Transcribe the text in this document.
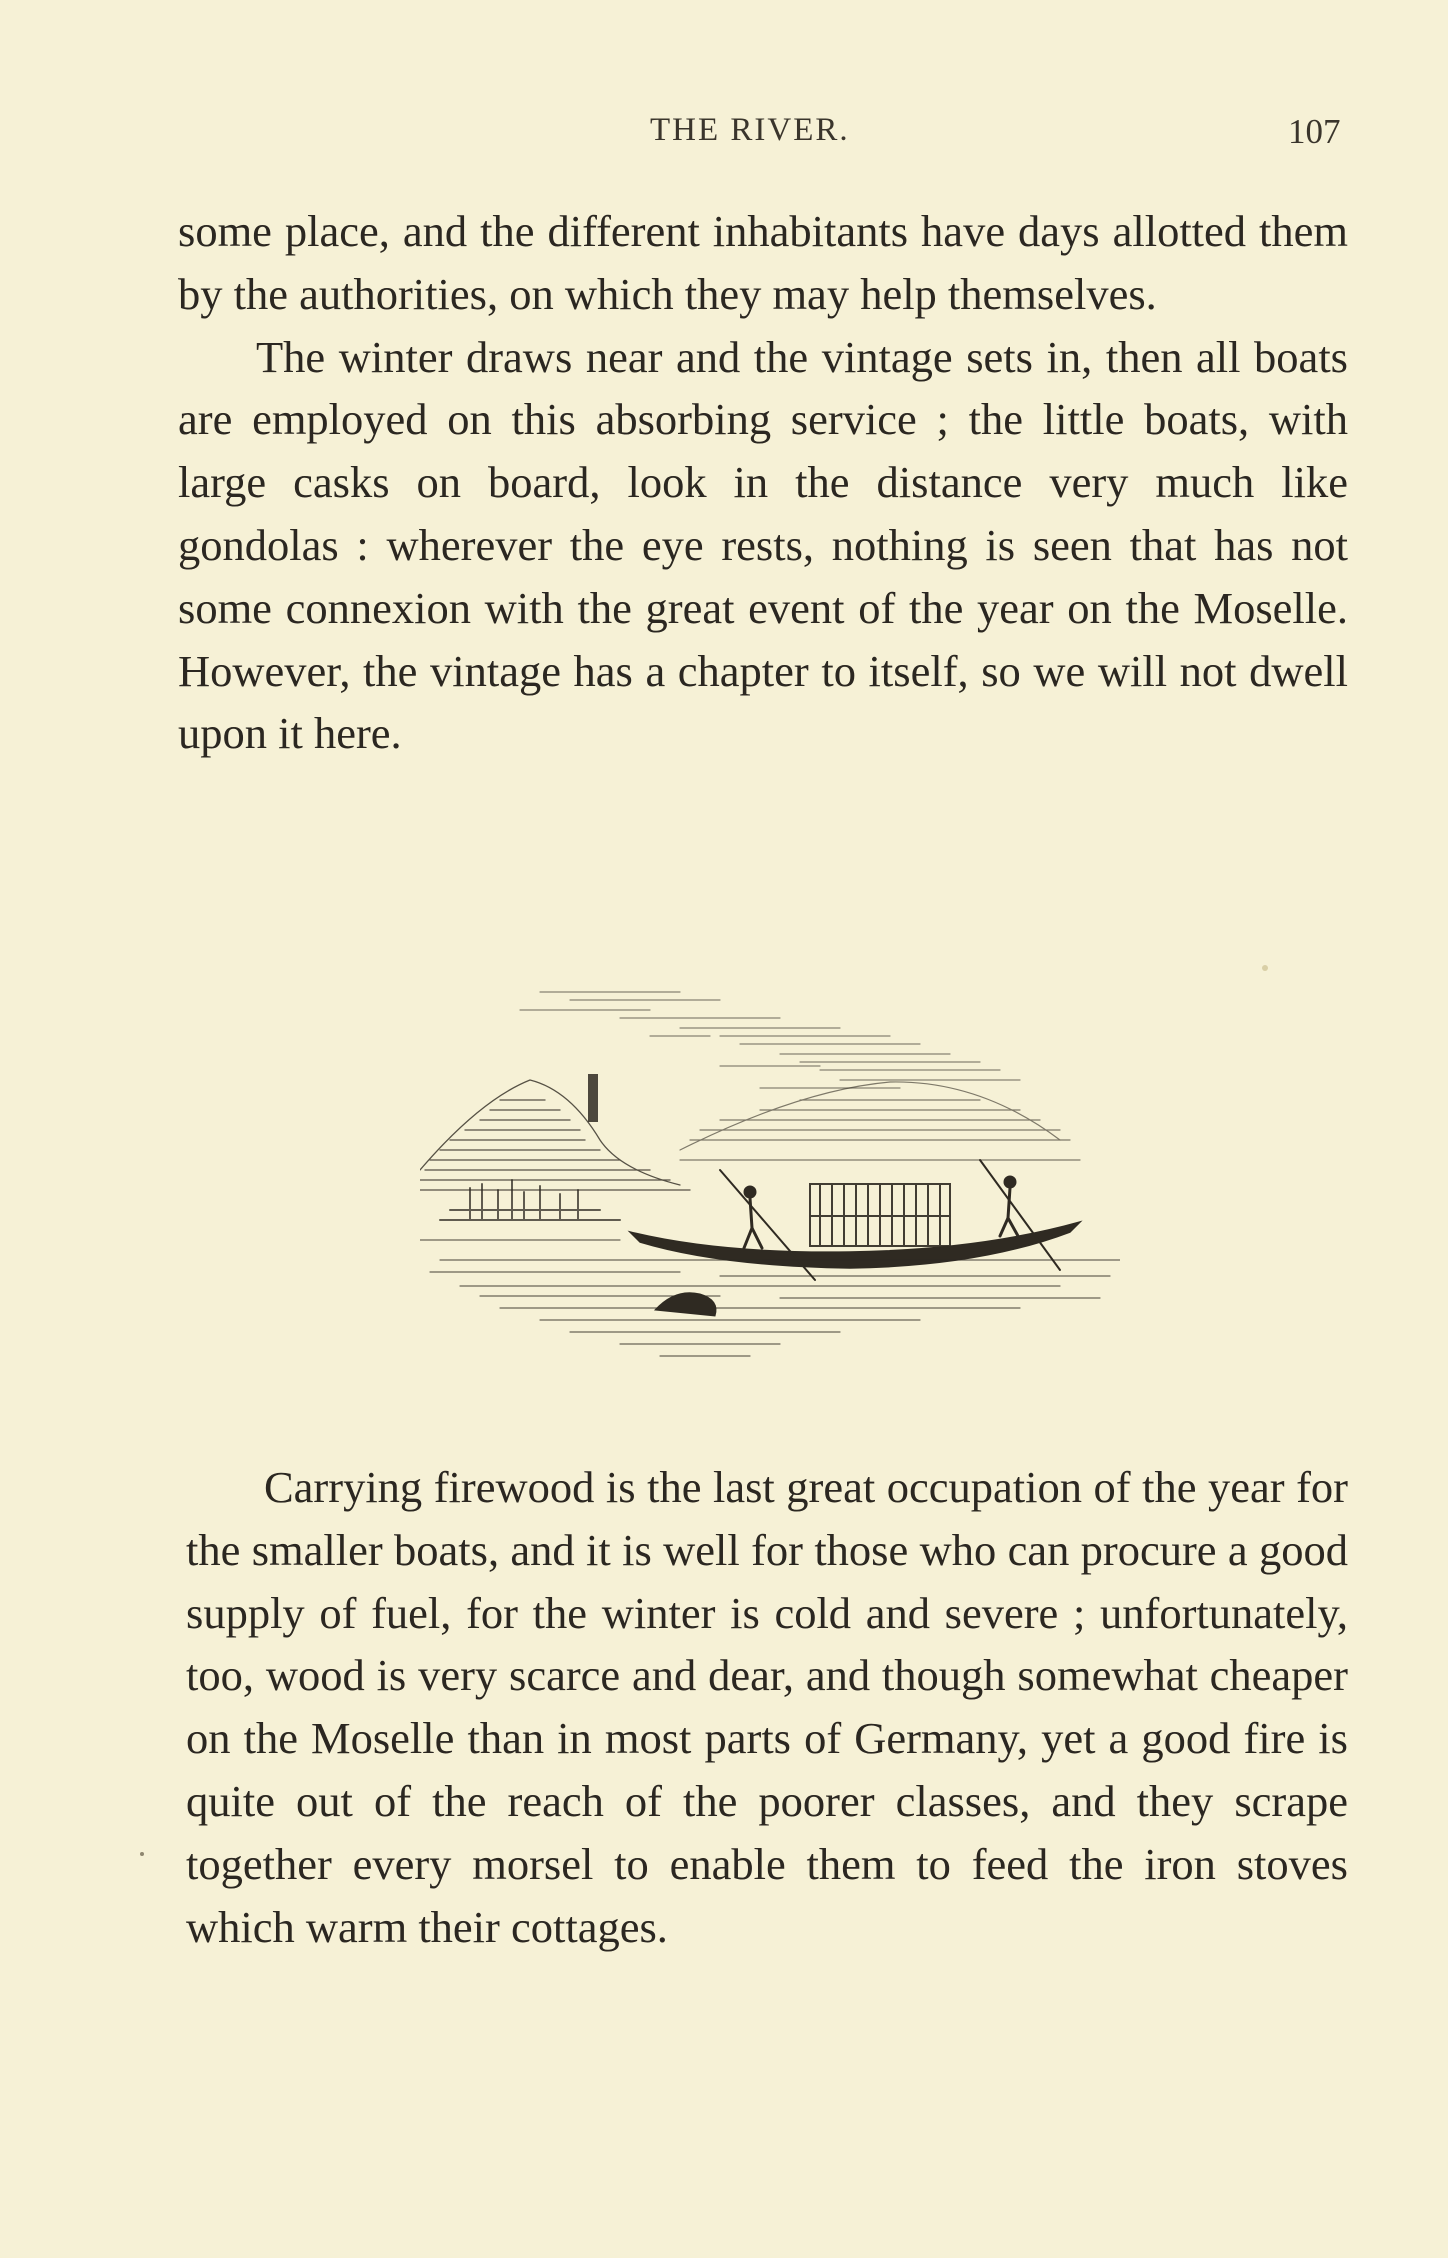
THE RIVER.	107

some place, and the different inhabitants have days allotted them by the authorities, on which they may help themselves.

The winter draws near and the vintage sets in, then all boats are employed on this absorbing service ; the little boats, with large casks on board, look in the distance very much like gondolas : wherever the eye rests, nothing is seen that has not some connexion with the great event of the year on the Moselle. However, the vintage has a chapter to itself, so we will not dwell upon it here.

Carrying firewood is the last great occupation of the year for the smaller boats, and it is well for those who can procure a good supply of fuel, for the winter is cold and severe ; unfortunately, too, wood is very scarce and dear, and though somewhat cheaper on the Moselle than in most parts of Germany, yet a good fire is quite out of the reach of the poorer classes, and they scrape together every morsel to enable them to feed the iron stoves which warm their cottages.
